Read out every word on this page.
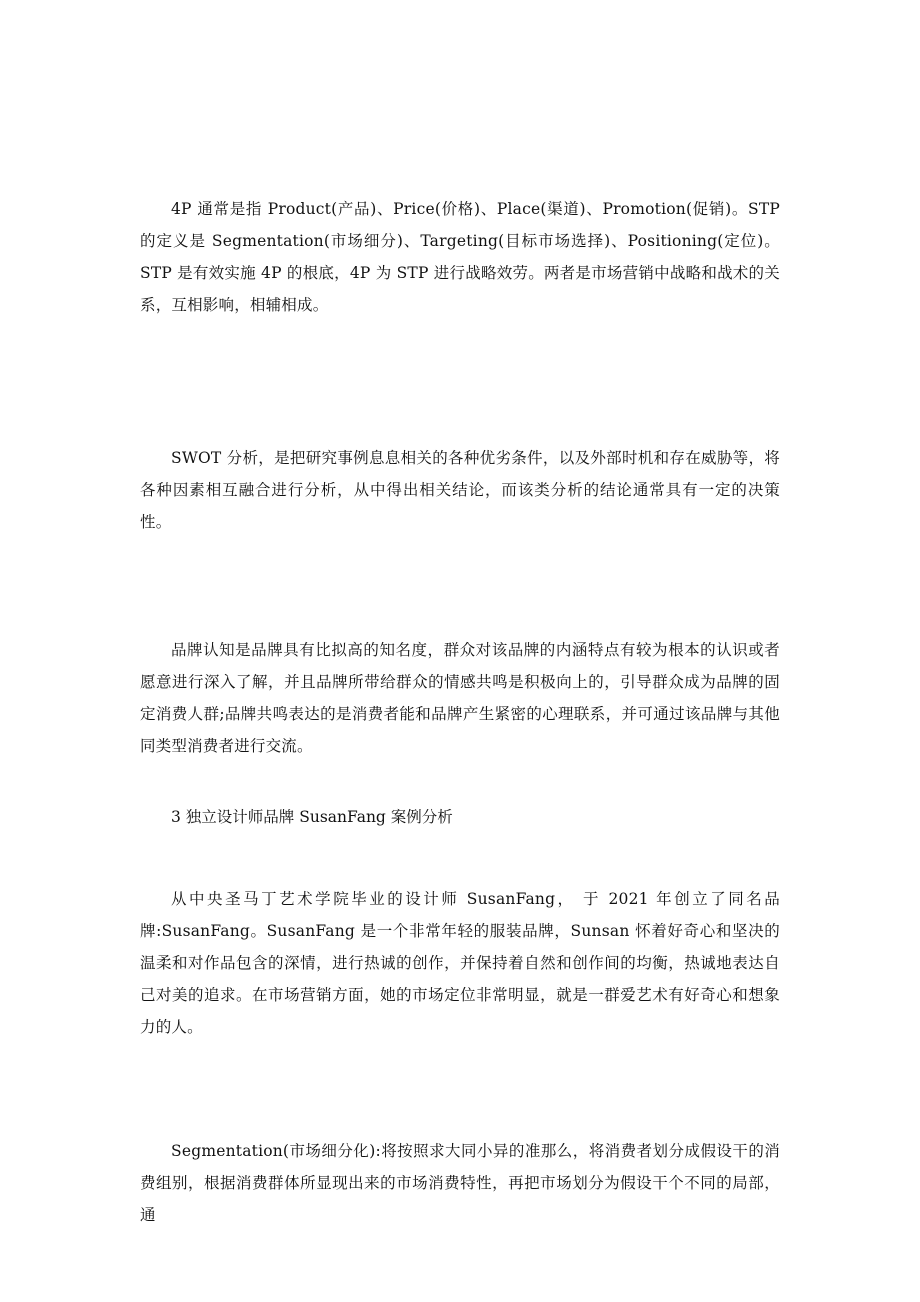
4P 通常是指 Product(产品)、Price(价格)、Place(渠道)、Promotion(促销)。STP 的定义是 Segmentation(市场细分)、Targeting(目标市场选择)、Positioning(定位)。STP 是有效实施 4P 的根底，4P 为 STP 进行战略效劳。两者是市场营销中战略和战术的关系，互相影响，相辅相成。

SWOT 分析，是把研究事例息息相关的各种优劣条件，以及外部时机和存在威胁等，将各种因素相互融合进行分析，从中得出相关结论，而该类分析的结论通常具有一定的决策性。

品牌认知是品牌具有比拟高的知名度，群众对该品牌的内涵特点有较为根本的认识或者愿意进行深入了解，并且品牌所带给群众的情感共鸣是积极向上的，引导群众成为品牌的固定消费人群;品牌共鸣表达的是消费者能和品牌产生紧密的心理联系，并可通过该品牌与其他同类型消费者进行交流。

3 独立设计师品牌 SusanFang 案例分析

从中央圣马丁艺术学院毕业的设计师 SusanFang， 于 2021 年创立了同名品牌:SusanFang。SusanFang 是一个非常年轻的服装品牌，Sunsan 怀着好奇心和坚决的温柔和对作品包含的深情，进行热诚的创作，并保持着自然和创作间的均衡，热诚地表达自己对美的追求。在市场营销方面，她的市场定位非常明显，就是一群爱艺术有好奇心和想象力的人。

Segmentation(市场细分化):将按照求大同小异的准那么，将消费者划分成假设干的消费组别，根据消费群体所显现出来的市场消费特性，再把市场划分为假设干个不同的局部，通
